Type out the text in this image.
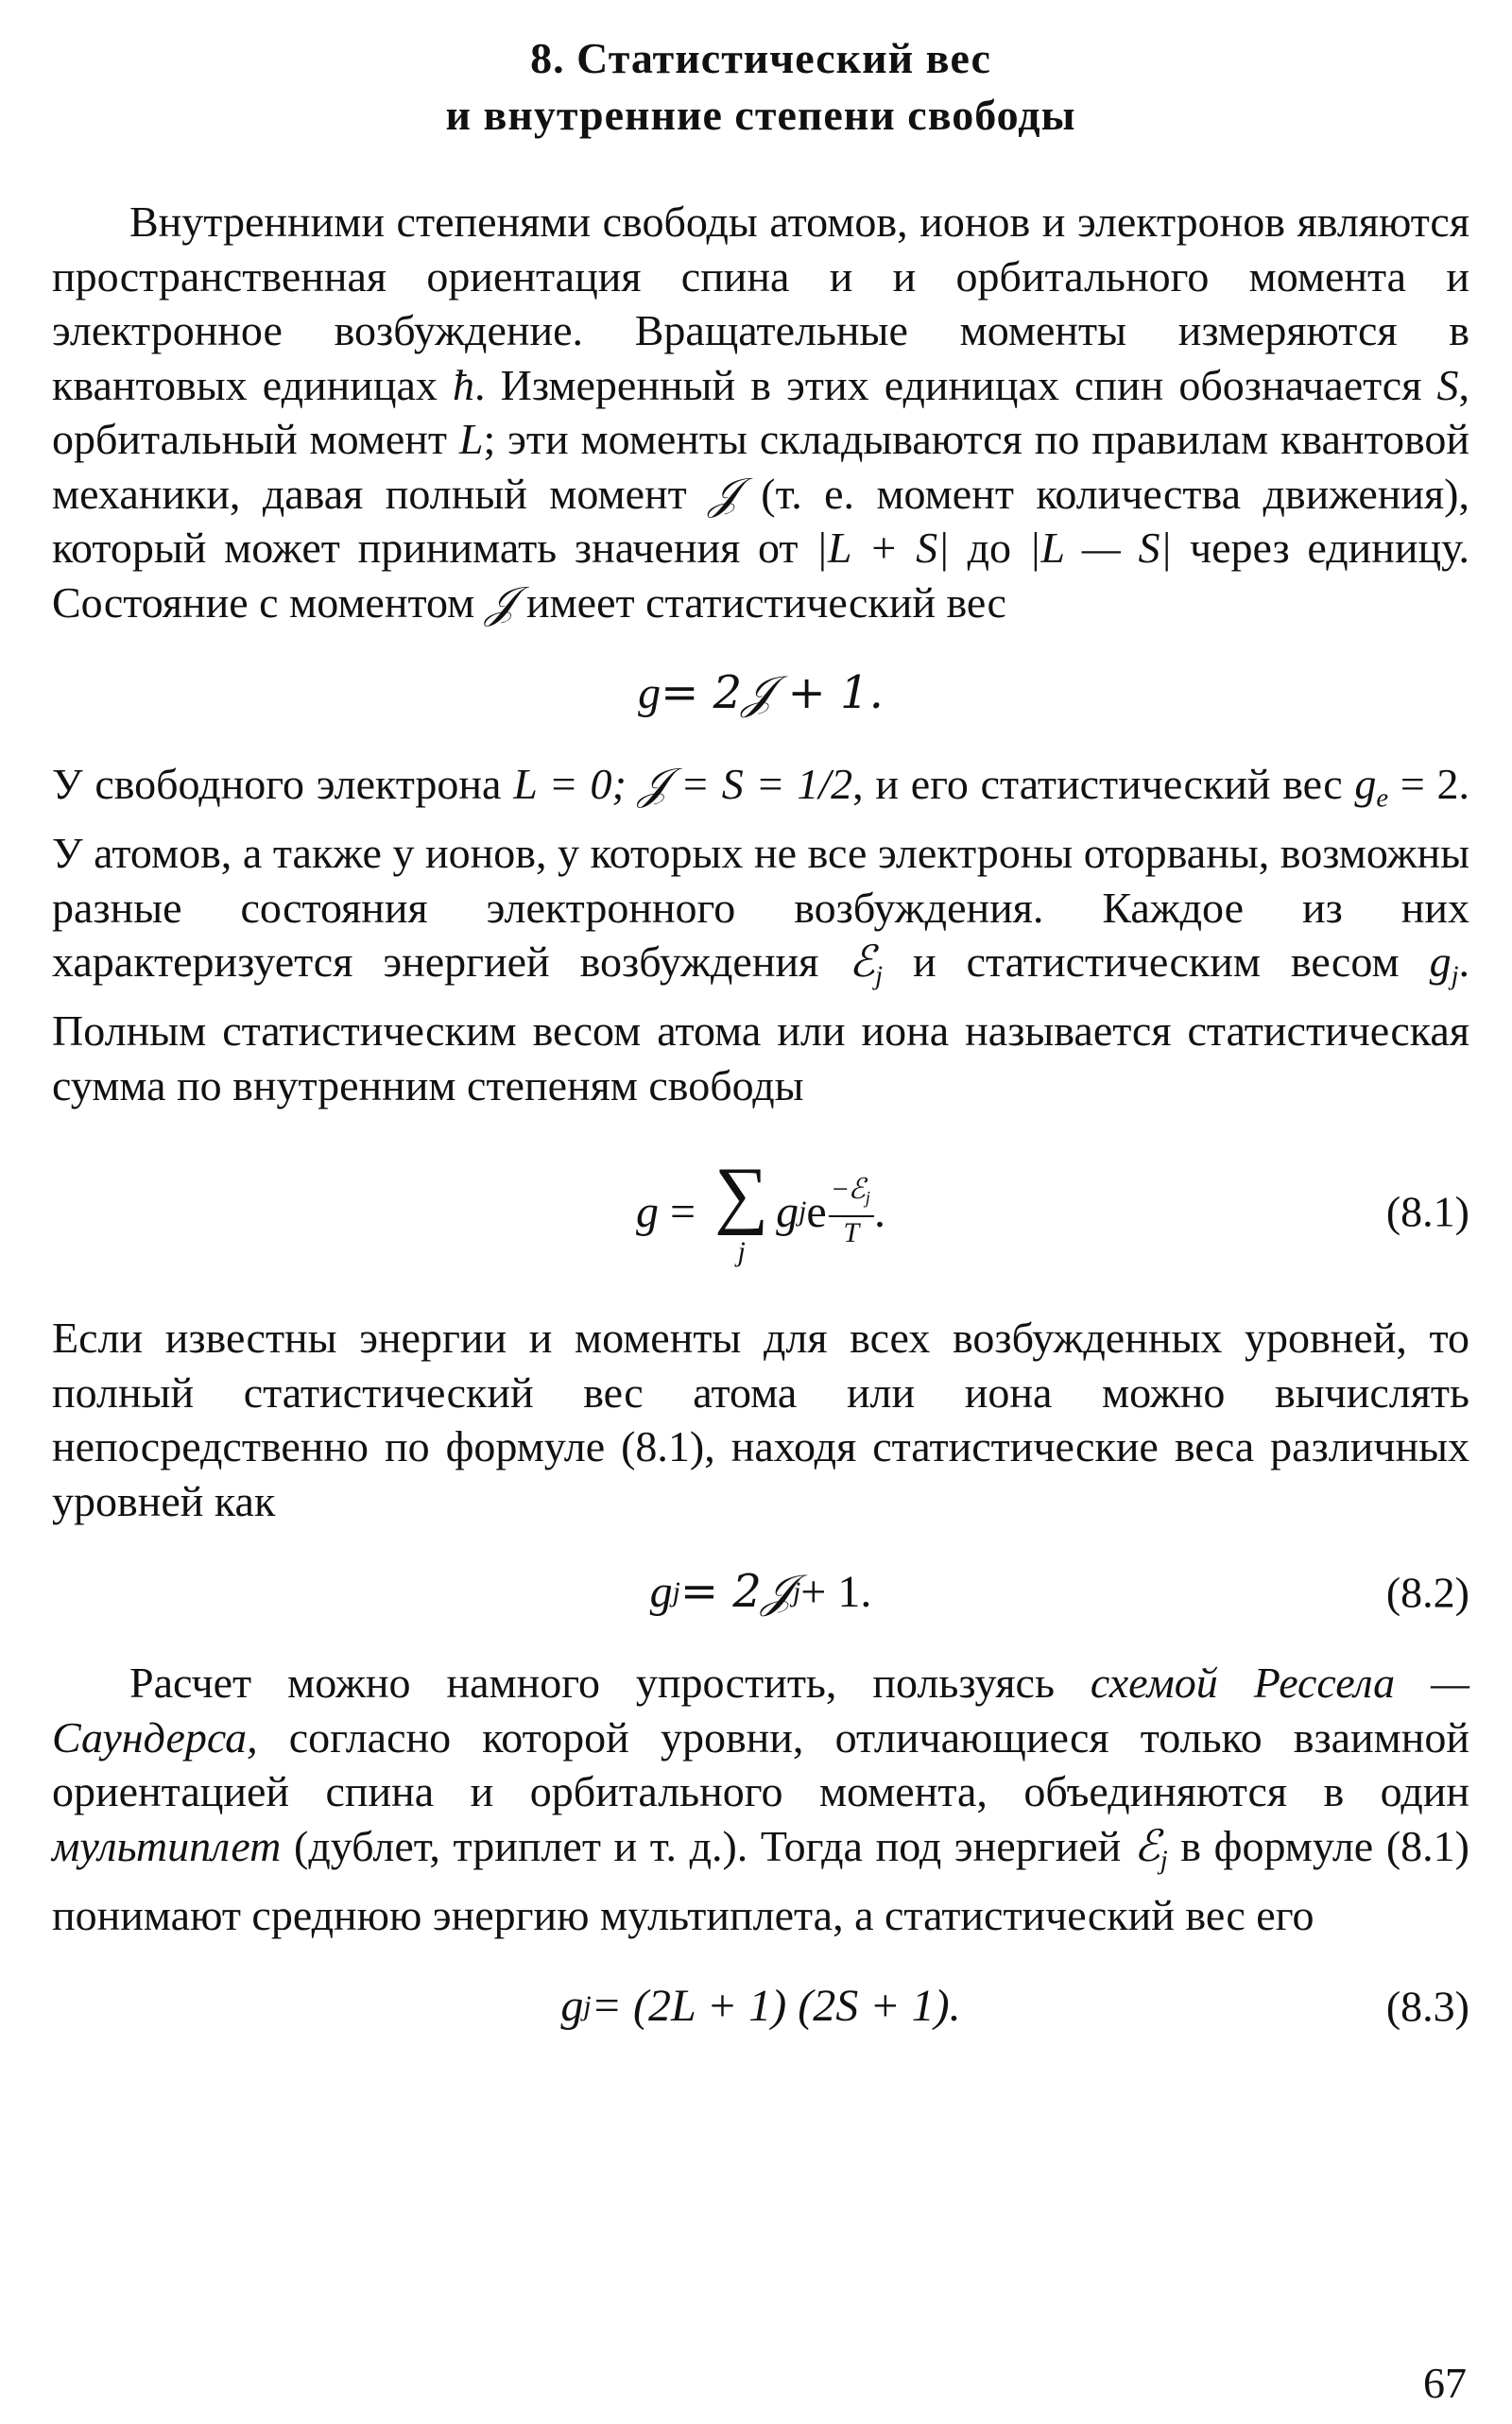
8. Статистический вес
и внутренние степени свободы

Внутренними степенями свободы атомов, ионов и электронов являются пространственная ориентация спина и и орбитального момента и электронное возбуждение. Вращательные моменты измеряются в квантовых единицах ħ. Измеренный в этих единицах спин обозначается S, орбитальный момент L; эти моменты складываются по правилам квантовой механики, давая полный момент 𝒥 (т. е. момент количества движения), который может принимать значения от |L + S| до |L — S| через единицу. Состояние с моментом 𝒥 имеет статистический вес

g = 2𝒥 + 1.

У свободного электрона L = 0; 𝒥 = S = 1/2, и его статистический вес $g_e = 2$. У атомов, а также у ионов, у которых не все электроны оторваны, возможны разные состояния электронного возбуждения. Каждое из них характеризуется энергией возбуждения ℰ$_j$ и статистическим весом $g_j$. Полным статистическим весом атома или иона называется статистическая сумма по внутренним степеням свободы

g = ∑
j
g j e $\frac{-ℰ_j}{T}$ .	(8.1)

Если известны энергии и моменты для всех возбужденных уровней, то полный статистический вес атома или иона можно вычислять непосредственно по формуле (8.1), находя статистические веса различных уровней как

g j = 2𝒥 j + 1.	(8.2)

Расчет можно намного упростить, пользуясь схемой Рессела — Саундерса, согласно которой уровни, отличающиеся только взаимной ориентацией спина и орбитального момента, объединяются в один мультиплет (дублет, триплет и т. д.). Тогда под энергией ℰ$_j$ в формуле (8.1) понимают среднюю энергию мультиплета, а статистический вес его

g j = (2L + 1) (2S + 1).	(8.3)
67
